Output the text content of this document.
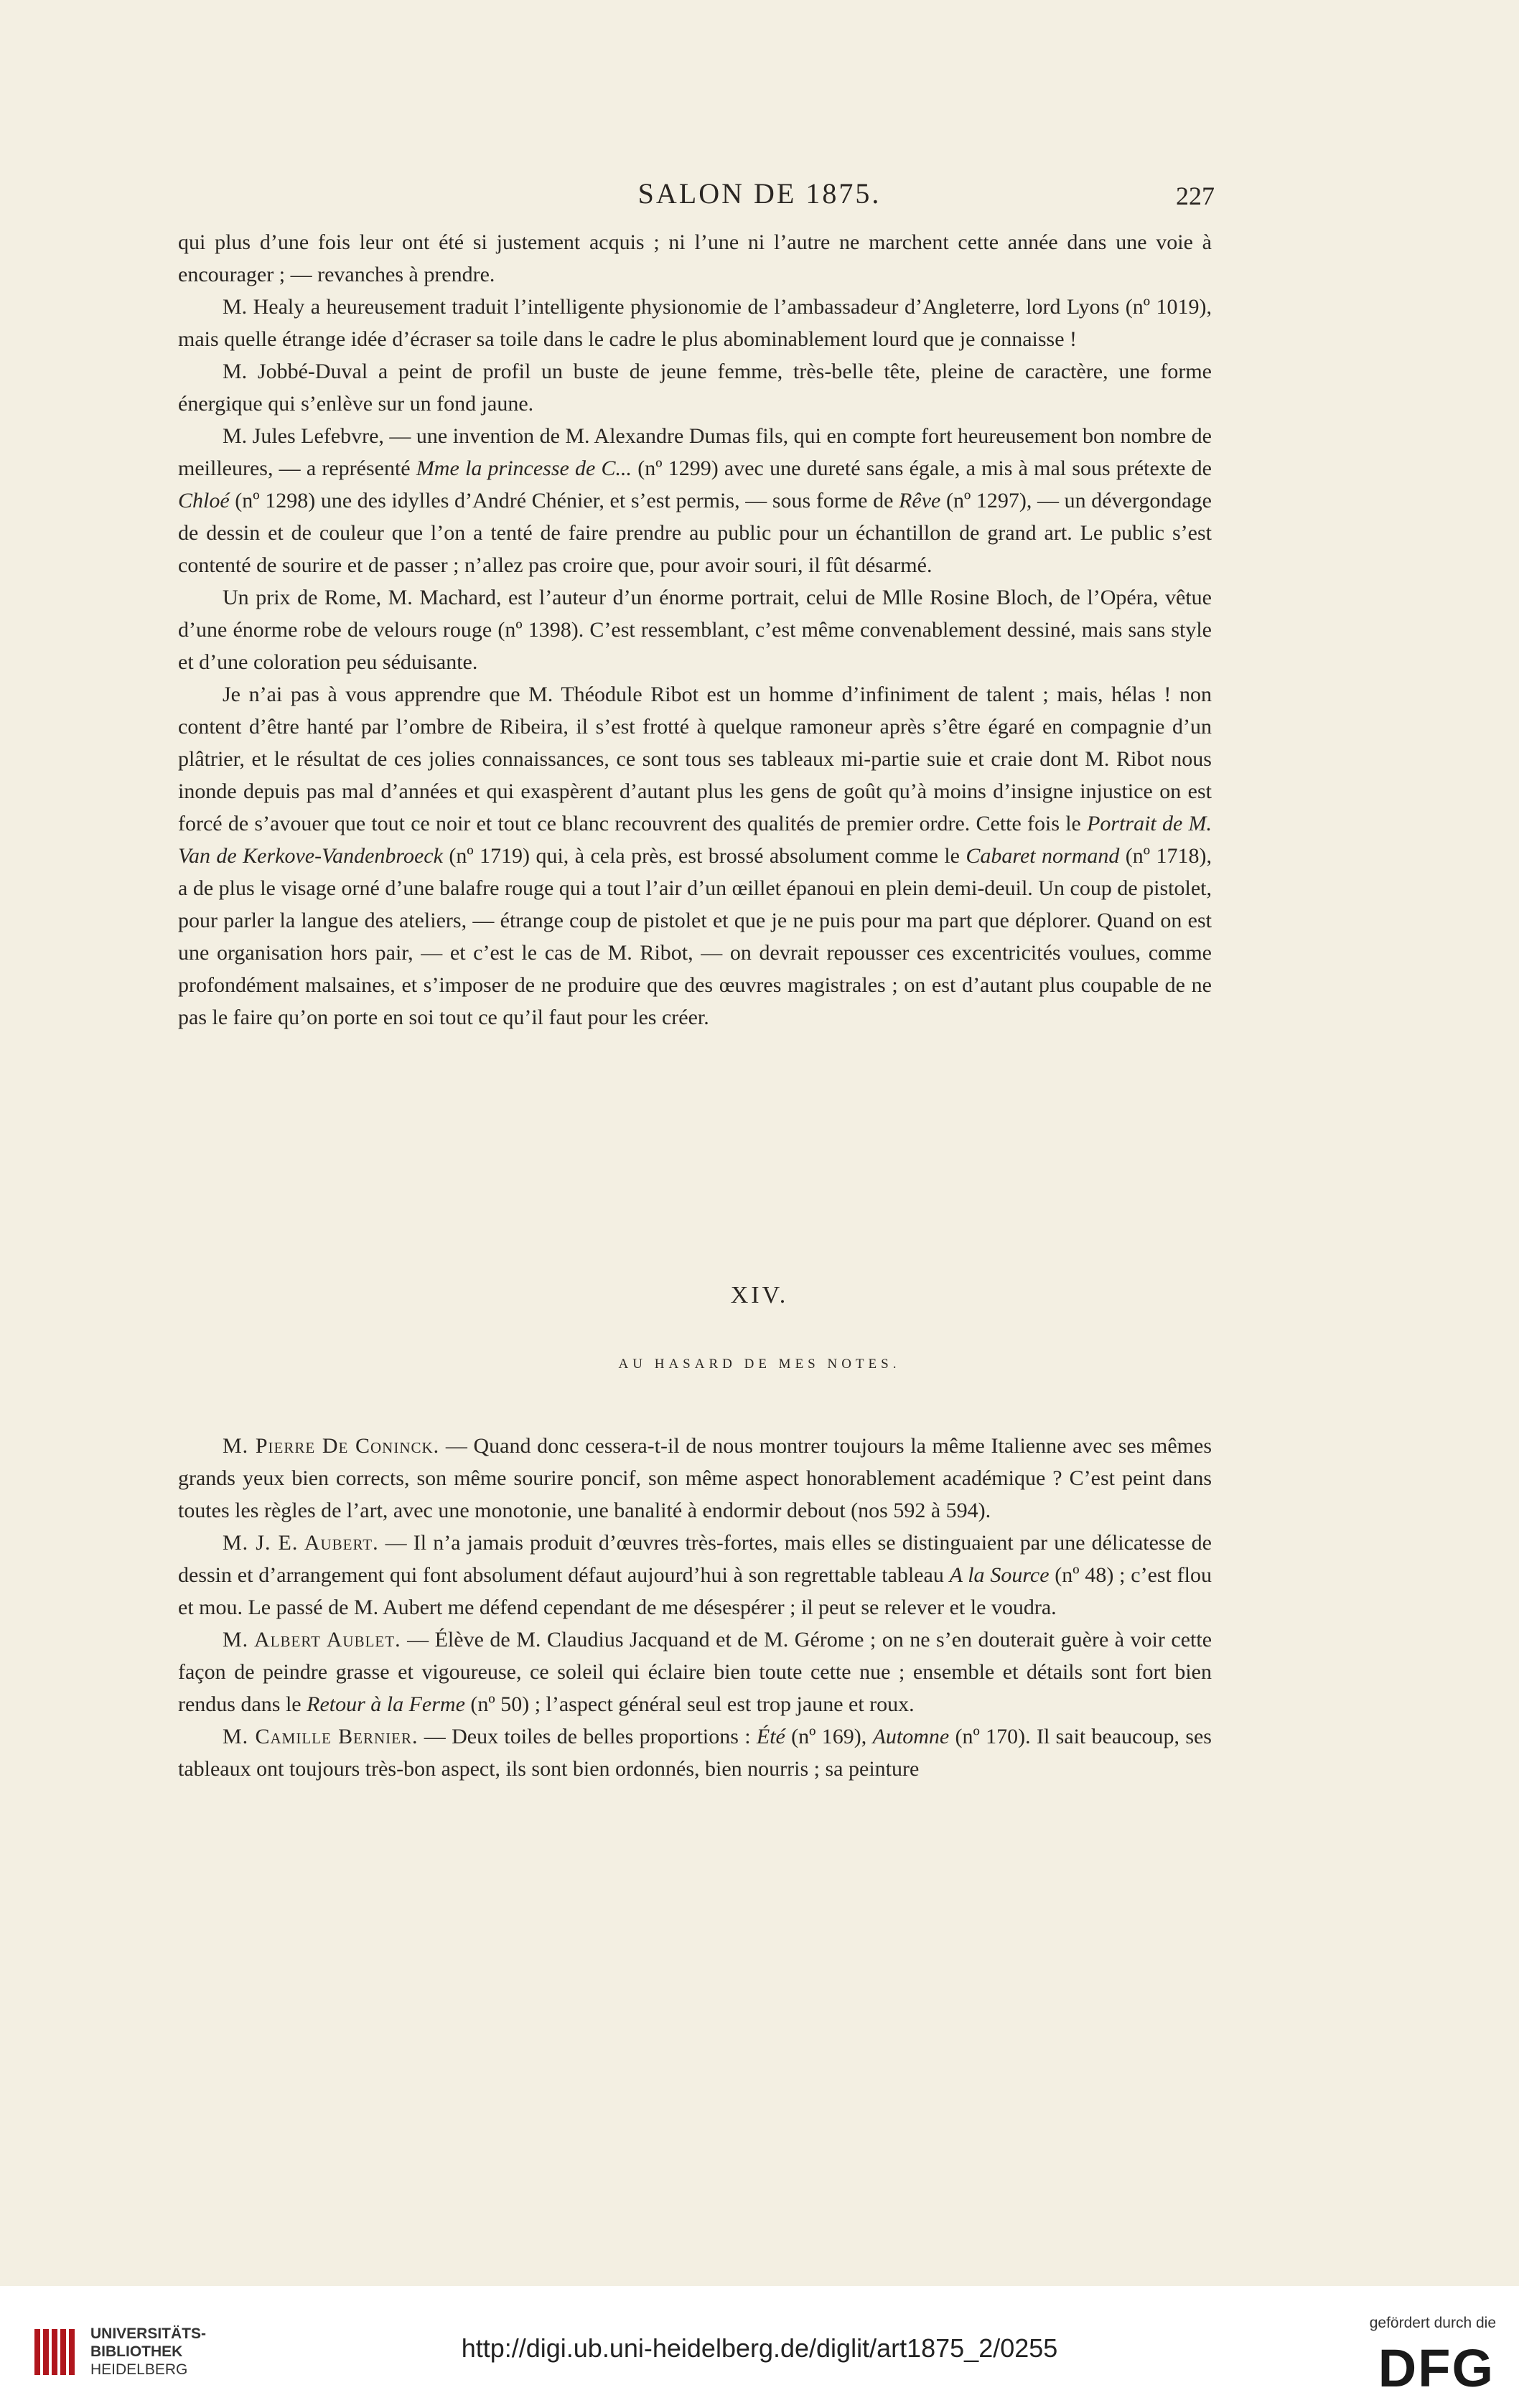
SALON DE 1875.	227

qui plus d’une fois leur ont été si justement acquis ; ni l’une ni l’autre ne marchent cette année dans une voie à encourager ; — revanches à prendre.

M. Healy a heureusement traduit l’intelligente physionomie de l’ambassadeur d’Angleterre, lord Lyons (nº 1019), mais quelle étrange idée d’écraser sa toile dans le cadre le plus abominablement lourd que je connaisse !

M. Jobbé-Duval a peint de profil un buste de jeune femme, très-belle tête, pleine de caractère, une forme énergique qui s’enlève sur un fond jaune.

M. Jules Lefebvre, — une invention de M. Alexandre Dumas fils, qui en compte fort heureusement bon nombre de meilleures, — a représenté Mme la princesse de C... (nº 1299) avec une dureté sans égale, a mis à mal sous prétexte de Chloé (nº 1298) une des idylles d’André Chénier, et s’est permis, — sous forme de Rêve (nº 1297), — un dévergondage de dessin et de couleur que l’on a tenté de faire prendre au public pour un échantillon de grand art. Le public s’est contenté de sourire et de passer ; n’allez pas croire que, pour avoir souri, il fût désarmé.

Un prix de Rome, M. Machard, est l’auteur d’un énorme portrait, celui de Mlle Rosine Bloch, de l’Opéra, vêtue d’une énorme robe de velours rouge (nº 1398). C’est ressemblant, c’est même convenablement dessiné, mais sans style et d’une coloration peu séduisante.

Je n’ai pas à vous apprendre que M. Théodule Ribot est un homme d’infiniment de talent ; mais, hélas ! non content d’être hanté par l’ombre de Ribeira, il s’est frotté à quelque ramoneur après s’être égaré en compagnie d’un plâtrier, et le résultat de ces jolies connaissances, ce sont tous ses tableaux mi-partie suie et craie dont M. Ribot nous inonde depuis pas mal d’années et qui exaspèrent d’autant plus les gens de goût qu’à moins d’insigne injustice on est forcé de s’avouer que tout ce noir et tout ce blanc recouvrent des qualités de premier ordre. Cette fois le Portrait de M. Van de Kerkove-Vandenbroeck (nº 1719) qui, à cela près, est brossé absolument comme le Cabaret normand (nº 1718), a de plus le visage orné d’une balafre rouge qui a tout l’air d’un œillet épanoui en plein demi-deuil. Un coup de pistolet, pour parler la langue des ateliers, — étrange coup de pistolet et que je ne puis pour ma part que déplorer. Quand on est une organisation hors pair, — et c’est le cas de M. Ribot, — on devrait repousser ces excentricités voulues, comme profondément malsaines, et s’imposer de ne produire que des œuvres magistrales ; on est d’autant plus coupable de ne pas le faire qu’on porte en soi tout ce qu’il faut pour les créer.

XIV.
AU HASARD DE MES NOTES.

M. Pierre De Coninck. — Quand donc cessera-t-il de nous montrer toujours la même Italienne avec ses mêmes grands yeux bien corrects, son même sourire poncif, son même aspect honorablement académique ? C’est peint dans toutes les règles de l’art, avec une monotonie, une banalité à endormir debout (nos 592 à 594).

M. J. E. Aubert. — Il n’a jamais produit d’œuvres très-fortes, mais elles se distinguaient par une délicatesse de dessin et d’arrangement qui font absolument défaut aujourd’hui à son regrettable tableau A la Source (nº 48) ; c’est flou et mou. Le passé de M. Aubert me défend cependant de me désespérer ; il peut se relever et le voudra.

M. Albert Aublet. — Élève de M. Claudius Jacquand et de M. Gérome ; on ne s’en douterait guère à voir cette façon de peindre grasse et vigoureuse, ce soleil qui éclaire bien toute cette nue ; ensemble et détails sont fort bien rendus dans le Retour à la Ferme (nº 50) ; l’aspect général seul est trop jaune et roux.

M. Camille Bernier. — Deux toiles de belles proportions : Été (nº 169), Automne (nº 170). Il sait beaucoup, ses tableaux ont toujours très-bon aspect, ils sont bien ordonnés, bien nourris ; sa peinture

UNIVERSITÄTS-
BIBLIOTHEK
HEIDELBERG
http://digi.ub.uni-heidelberg.de/diglit/art1875_2/0255
gefördert durch die
DFG
